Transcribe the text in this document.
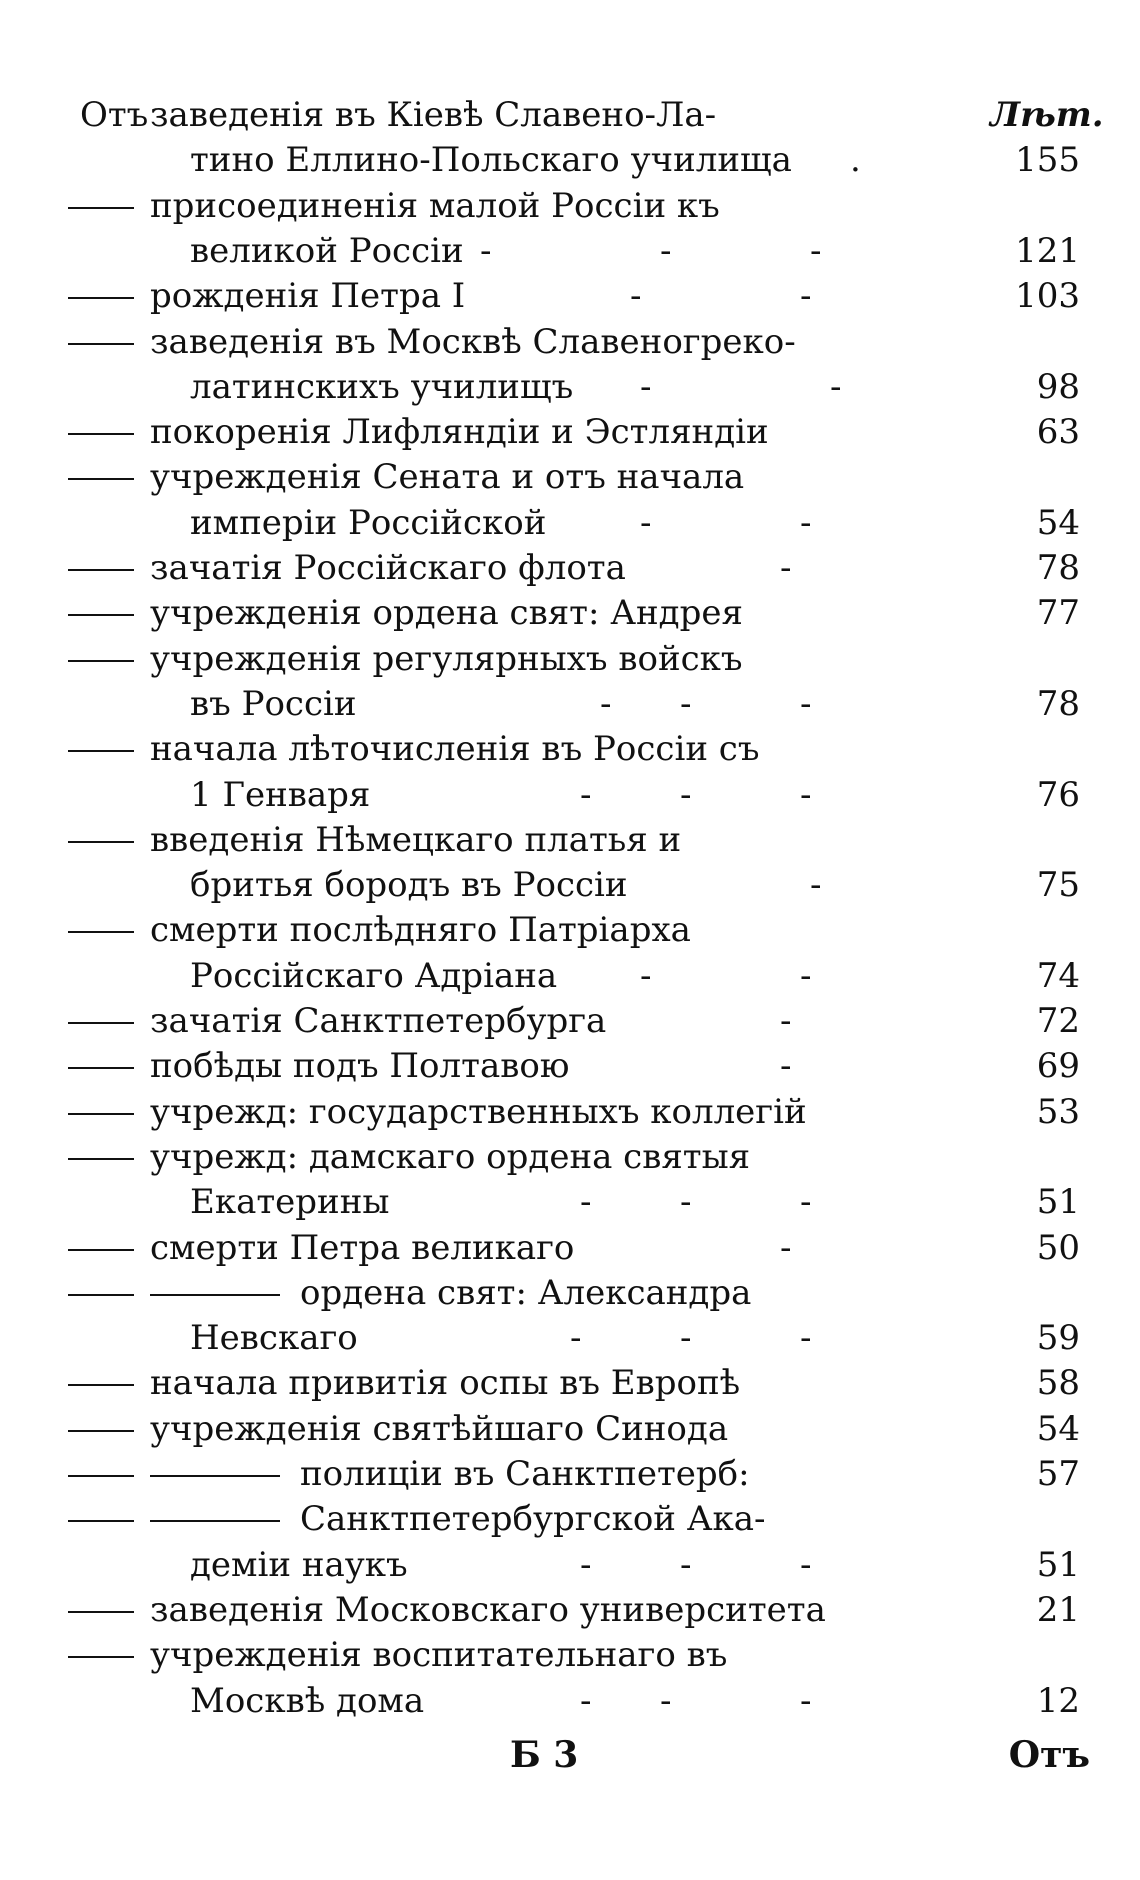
Отъ заведенія въ Кіевѣ Славено-Ла-	Лѣт.
тино Еллино-Польскаго училища .	155
присоединенія малой Россіи къ
великой Россіи -	-	-	121
рожденія Петра I	-	-	103
заведенія въ Москвѣ Славеногреко-
латинскихъ училищъ -	-	98
покоренія Лифляндіи и Эстляндіи	63
учрежденія Сената и отъ начала
имперіи Россійской	-	-	54
зачатія Россійскаго флота	-	78
учрежденія ордена свят: Андрея	77
учрежденія регулярныхъ войскъ
въ Россіи	- -	-	78
начала лѣточисленія въ Россіи съ
1 Генваря	-	-	-	76
введенія Нѣмецкаго платья и
бритья бородъ въ Россіи	-	75
смерти послѣдняго Патріарха
Россійскаго Адріана -	-	74
зачатія Санктпетербурга	-	72
побѣды подъ Полтавою	-	69
учрежд: государственныхъ коллегій	53
учрежд: дамскаго ордена святыя
Екатерины	-	-	-	51
смерти Петра великаго	-	50
ордена свят: Александра
Невскаго	-	-	-	59
начала привитія оспы въ Европѣ	58
учрежденія святѣйшаго Синода	54
полиціи въ Санктпетерб:	57
Санктпетербургской Ака-
деміи наукъ	-	-	-	51
заведенія Московскаго университета	21
учрежденія воспитательнаго въ
Москвѣ дома	- -	-	12
Б 3	Отъ
